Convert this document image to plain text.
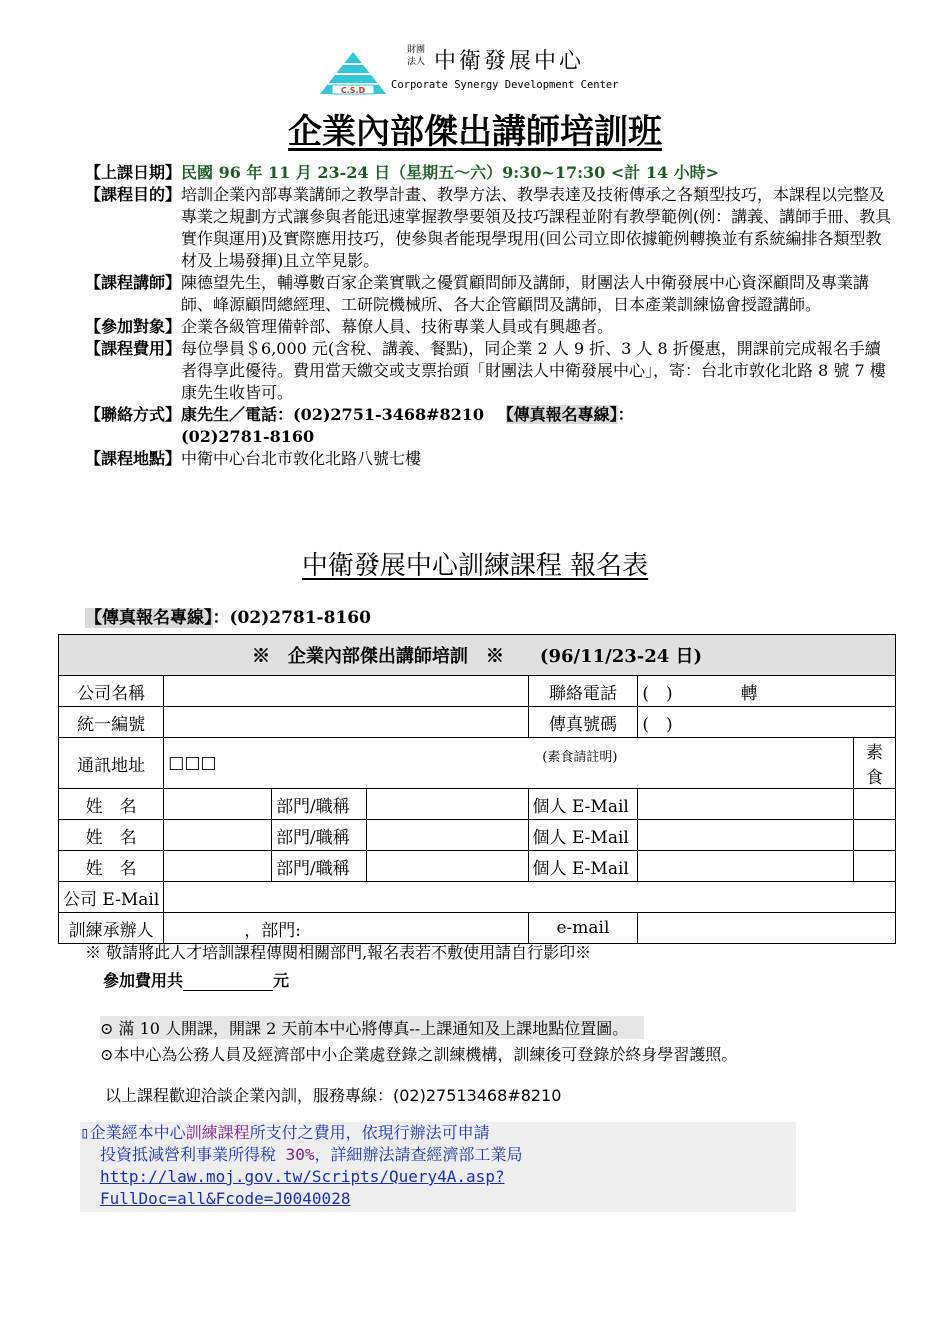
C.S.D
財團
法人 中衛發展中心
Corporate Synergy Development Center
企業內部傑出講師培訓班
【上課日期】 民國 96 年 11 月 23-24 日（星期五～六）9:30~17:30 <計 14 小時>
【課程目的】 培訓企業內部專業講師之教學計畫、教學方法、教學表達及技術傳承之各類型技巧，本課程以完整及專業之規劃方式讓參與者能迅速掌握教學要領及技巧課程並附有教學範例(例：講義、講師手冊、教具實作與運用)及實際應用技巧，使參與者能現學現用(回公司立即依據範例轉換並有系統編排各類型教材及上場發揮)且立竿見影。
【課程講師】 陳德望先生，輔導數百家企業實戰之優質顧問師及講師，財團法人中衛發展中心資深顧問及專業講師、峰源顧問總經理、工研院機械所、各大企管顧問及講師，日本產業訓練協會授證講師。
【參加對象】 企業各級管理備幹部、幕僚人員、技術專業人員或有興趣者。
【課程費用】 每位學員＄6,000 元(含稅、講義、餐點)，同企業 2 人 9 折、3 人 8 折優惠，開課前完成報名手續者得享此優待。費用當天繳交或支票抬頭「財團法人中衛發展中心」，寄：台北市敦化北路 8 號 7 樓康先生收皆可。
【聯絡方式】 康先生／電話：(02)2751-3468#8210 　 【傳真報名專線】：
(02)2781-8160
【課程地點】 中衛中心台北市敦化北路八號七樓
中衛發展中心訓練課程 報名表
【傳真報名專線】：(02)2781-8160
※　企業內部傑出講師培訓　※　　(96/11/23-24 日)						
公司名稱				聯絡電話	(　)　　　　轉	
統一編號				傳真號碼	(　)	
通訊地址	□□□ (素食請註明)					素食
姓　名		部門/職稱		個人 E-Mail		
姓　名		部門/職稱		個人 E-Mail		
姓　名		部門/職稱		個人 E-Mail		
公司 E-Mail						
訓練承辦人	，部門:			e-mail		
※ 敬請將此人才培訓課程傳閱相關部門,報名表若不敷使用請自行影印※
參加費用共	元
⊙ 滿 10 人開課，開課 2 天前本中心將傳真--上課通知及上課地點位置圖。
⊙本中心為公務人員及經濟部中小企業處登錄之訓練機構，訓練後可登錄於終身學習護照。
以上課程歡迎洽談企業內訓，服務專線：(02)27513468#8210
▯企業經本中心訓練課程所支付之費用，依現行辦法可申請
投資抵減營利事業所得稅 30%，詳細辦法請查經濟部工業局
http://law.moj.gov.tw/Scripts/Query4A.asp?
FullDoc=all&Fcode=J0040028
